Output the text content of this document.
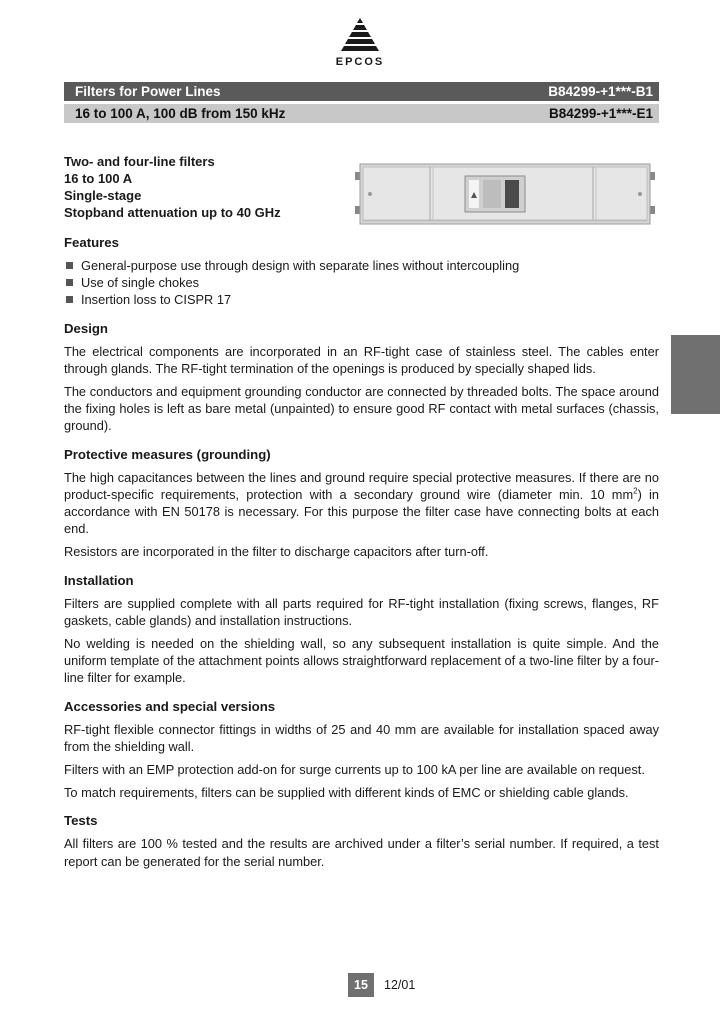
EPCOS
Filters for Power Lines	B84299-+1***-B1
16 to 100 A, 100 dB from 150 kHz	B84299-+1***-E1
Two- and four-line filters
16 to 100 A
Single-stage
Stopband attenuation up to 40 GHz
Features
General-purpose use through design with separate lines without intercoupling
Use of single chokes
Insertion loss to CISPR 17
Design

The electrical components are incorporated in an RF-tight case of stainless steel. The cables enter through glands. The RF-tight termination of the openings is produced by specially shaped lids.

The conductors and equipment grounding conductor are connected by threaded bolts. The space around the fixing holes is left as bare metal (unpainted) to ensure good RF contact with metal surfaces (chassis, ground).

Protective measures (grounding)

The high capacitances between the lines and ground require special protective measures. If there are no product-specific requirements, protection with a secondary ground wire (diameter min. 10 $mm^2$) in accordance with EN 50178 is necessary. For this purpose the filter case have connecting bolts at each end.

Resistors are incorporated in the filter to discharge capacitors after turn-off.

Installation

Filters are supplied complete with all parts required for RF-tight installation (fixing screws, flanges, RF gaskets, cable glands) and installation instructions.

No welding is needed on the shielding wall, so any subsequent installation is quite simple. And the uniform template of the attachment points allows straightforward replacement of a two-line filter by a four-line filter for example.

Accessories and special versions

RF-tight flexible connector fittings in widths of 25 and 40 mm are available for installation spaced away from the shielding wall.

Filters with an EMP protection add-on for surge currents up to 100 kA per line are available on request.

To match requirements, filters can be supplied with different kinds of EMC or shielding cable glands.

Tests

All filters are 100 % tested and the results are archived under a filter’s serial number. If required, a test report can be generated for the serial number.

15	12/01
